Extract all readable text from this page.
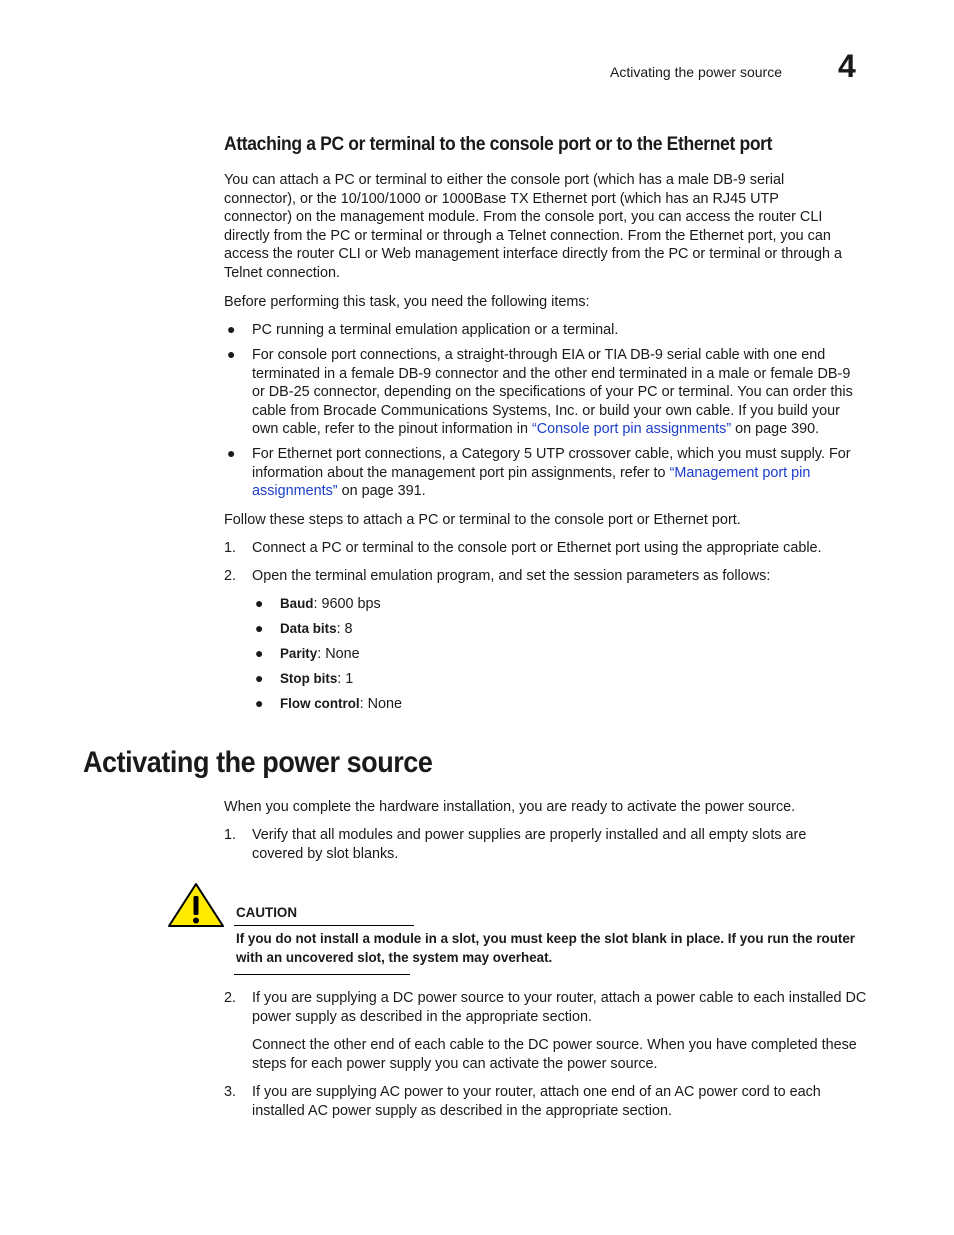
Activating the power source 4
Attaching a PC or terminal to the console port or to the Ethernet port
You can attach a PC or terminal to either the console port (which has a male DB-9 serial
connector), or the 10/100/1000 or 1000Base TX Ethernet port (which has an RJ45 UTP
connector) on the management module. From the console port, you can access the router CLI
directly from the PC or terminal or through a Telnet connection. From the Ethernet port, you can
access the router CLI or Web management interface directly from the PC or terminal or through a
Telnet connection.
Before performing this task, you need the following items:
● PC running a terminal emulation application or a terminal.
● For console port connections, a straight-through EIA or TIA DB-9 serial cable with one end
terminated in a female DB-9 connector and the other end terminated in a male or female DB-9
or DB-25 connector, depending on the specifications of your PC or terminal. You can order this
cable from Brocade Communications Systems, Inc. or build your own cable. If you build your
own cable, refer to the pinout information in “Console port pin assignments” on page 390.
● For Ethernet port connections, a Category 5 UTP crossover cable, which you must supply. For
information about the management port pin assignments, refer to “Management port pin
assignments” on page 391.
Follow these steps to attach a PC or terminal to the console port or Ethernet port.
1. Connect a PC or terminal to the console port or Ethernet port using the appropriate cable.
2. Open the terminal emulation program, and set the session parameters as follows:
● Baud: 9600 bps
● Data bits: 8
● Parity: None
● Stop bits: 1
● Flow control: None
Activating the power source
When you complete the hardware installation, you are ready to activate the power source.
1. Verify that all modules and power supplies are properly installed and all empty slots are
covered by slot blanks.
CAUTION
If you do not install a module in a slot, you must keep the slot blank in place. If you run the router
with an uncovered slot, the system may overheat.
2. If you are supplying a DC power source to your router, attach a power cable to each installed DC
power supply as described in the appropriate section.
Connect the other end of each cable to the DC power source. When you have completed these
steps for each power supply you can activate the power source.
3. If you are supplying AC power to your router, attach one end of an AC power cord to each
installed AC power supply as described in the appropriate section.
